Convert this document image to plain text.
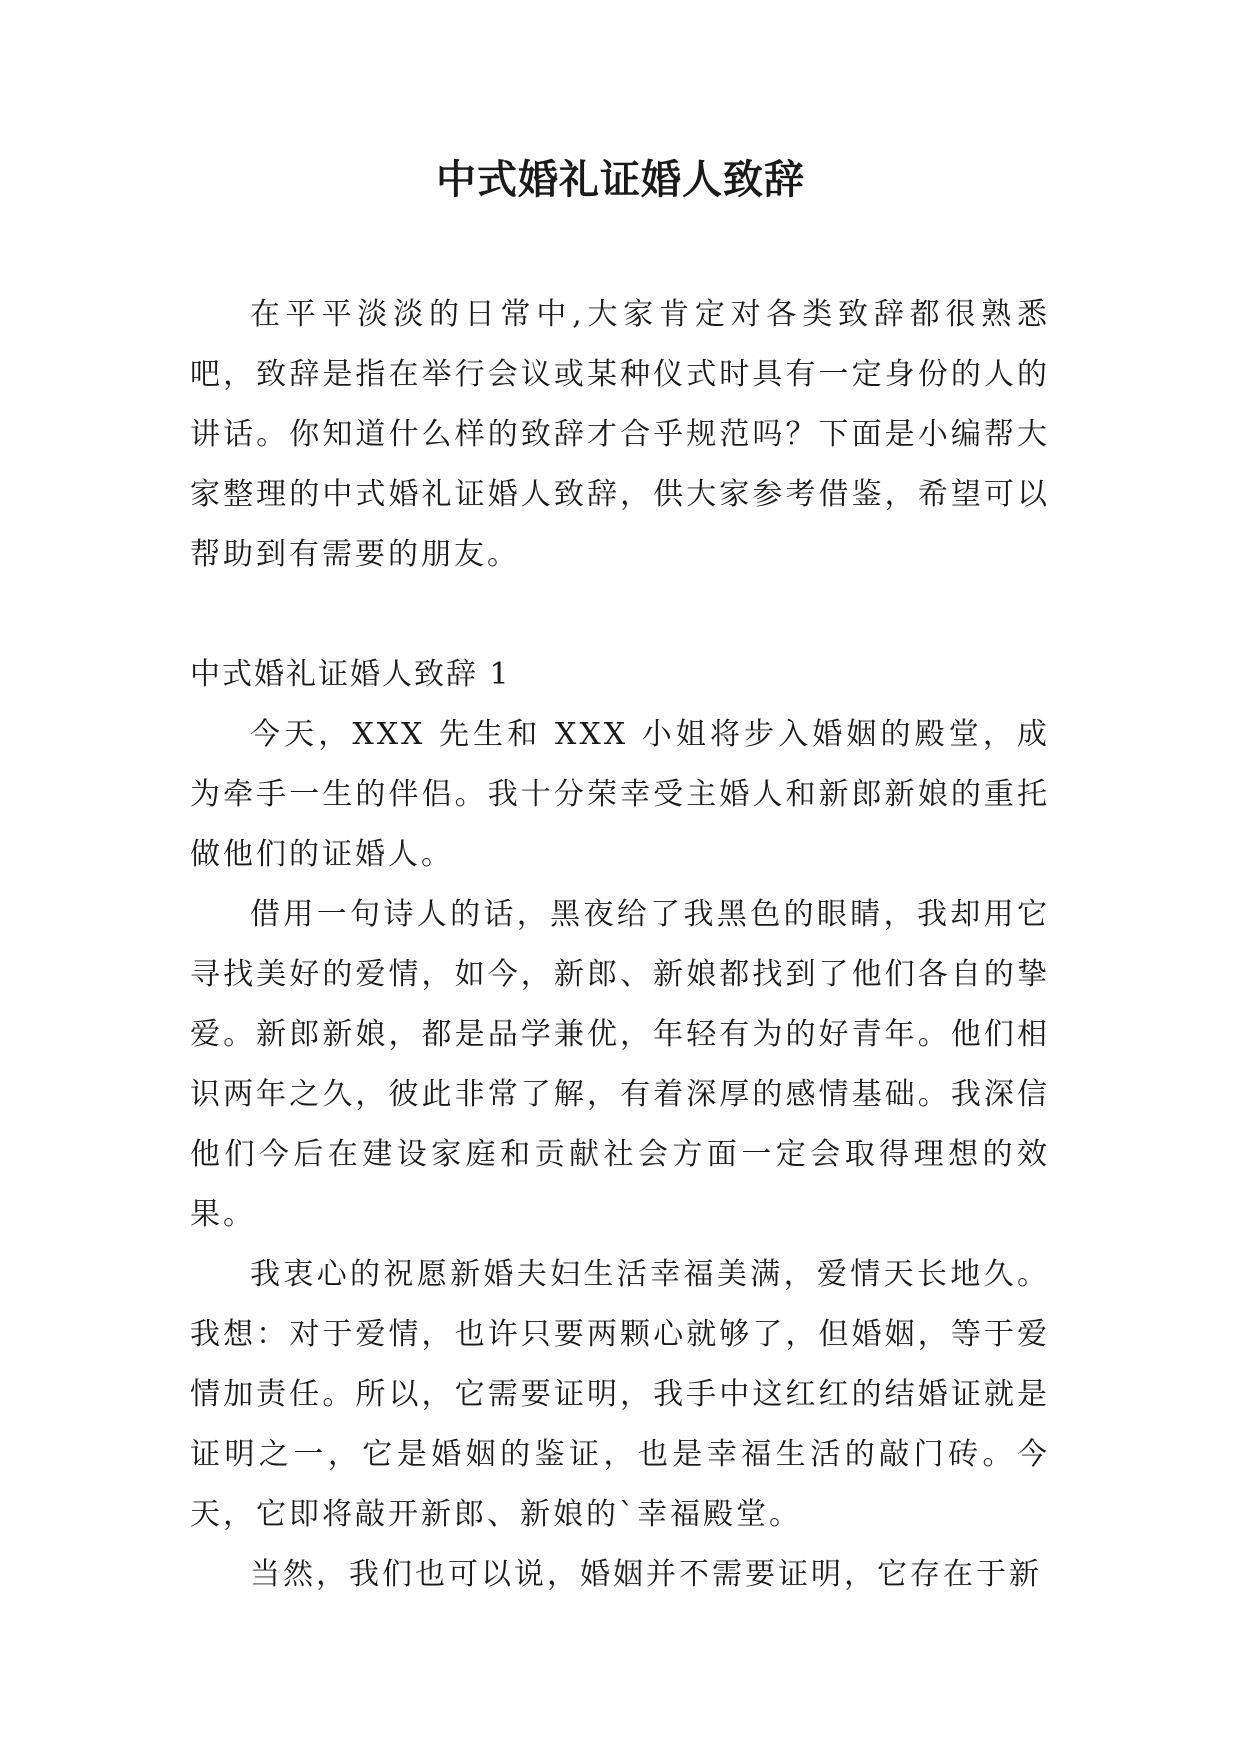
中式婚礼证婚人致辞

在平平淡淡的日常中,大家肯定对各类致辞都很熟悉吧，致辞是指在举行会议或某种仪式时具有一定身份的人的讲话。你知道什么样的致辞才合乎规范吗？下面是小编帮大家整理的中式婚礼证婚人致辞，供大家参考借鉴，希望可以帮助到有需要的朋友。

中式婚礼证婚人致辞 1

今天，XXX 先生和 XXX 小姐将步入婚姻的殿堂，成为牵手一生的伴侣。我十分荣幸受主婚人和新郎新娘的重托做他们的证婚人。

借用一句诗人的话，黑夜给了我黑色的眼睛，我却用它寻找美好的爱情，如今，新郎、新娘都找到了他们各自的挚爱。新郎新娘，都是品学兼优，年轻有为的好青年。他们相识两年之久，彼此非常了解，有着深厚的感情基础。我深信他们今后在建设家庭和贡献社会方面一定会取得理想的效果。

我衷心的祝愿新婚夫妇生活幸福美满，爱情天长地久。我想：对于爱情，也许只要两颗心就够了，但婚姻，等于爱情加责任。所以，它需要证明，我手中这红红的结婚证就是证明之一，它是婚姻的鉴证，也是幸福生活的敲门砖。今天，它即将敲开新郎、新娘的`幸福殿堂。

当然，我们也可以说，婚姻并不需要证明，它存在于新
